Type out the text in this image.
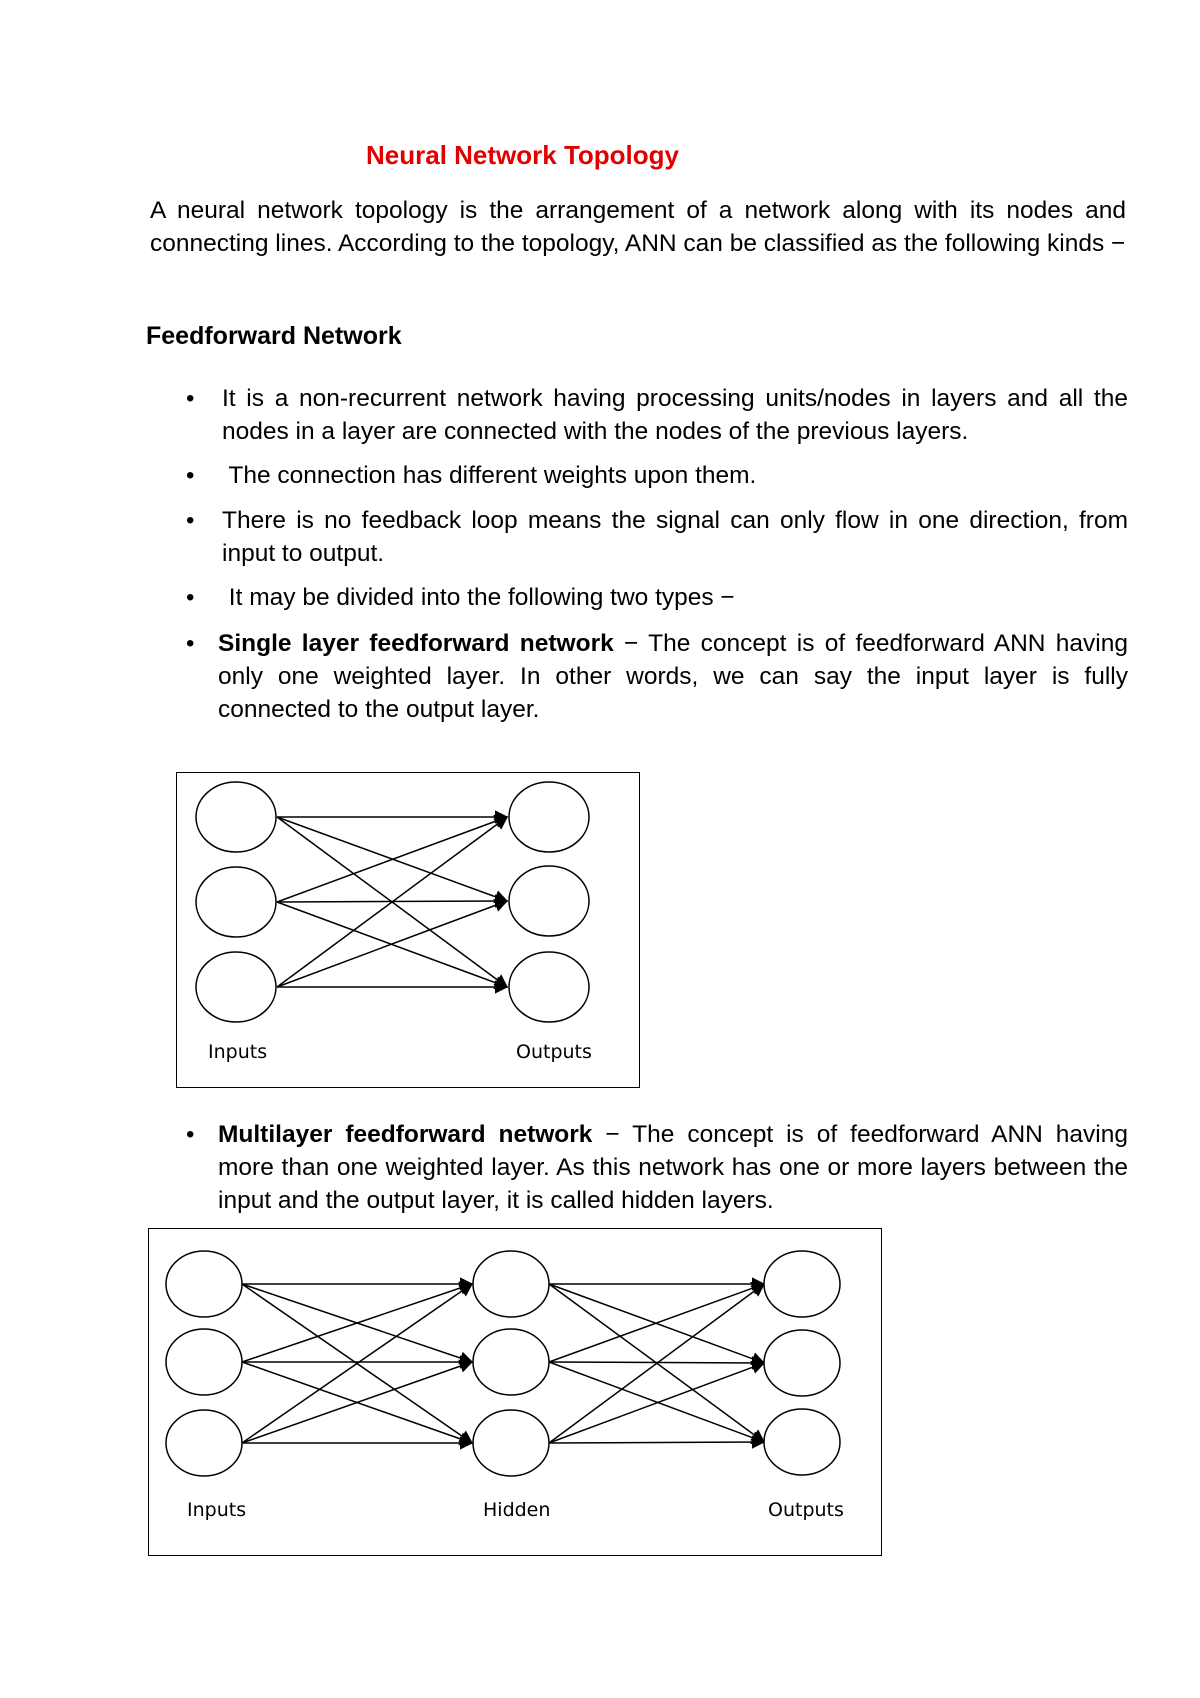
Neural Network Topology

A neural network topology is the arrangement of a network along with its nodes and connecting lines. According to the topology, ANN can be classified as the following kinds −

Feedforward Network
•	It is a non-recurrent network having processing units/nodes in layers and all the nodes in a layer are connected with the nodes of the previous layers.
•	The connection has different weights upon them.
•	There is no feedback loop means the signal can only flow in one direction, from input to output.
•	It may be divided into the following two types −
• Single layer feedforward network − The concept is of feedforward ANN having only one weighted layer. In other words, we can say the input layer is fully connected to the output layer.
Inputs	Outputs
• Multilayer feedforward network − The concept is of feedforward ANN having more than one weighted layer. As this network has one or more layers between the input and the output layer, it is called hidden layers.
Inputs	Hidden	Outputs
